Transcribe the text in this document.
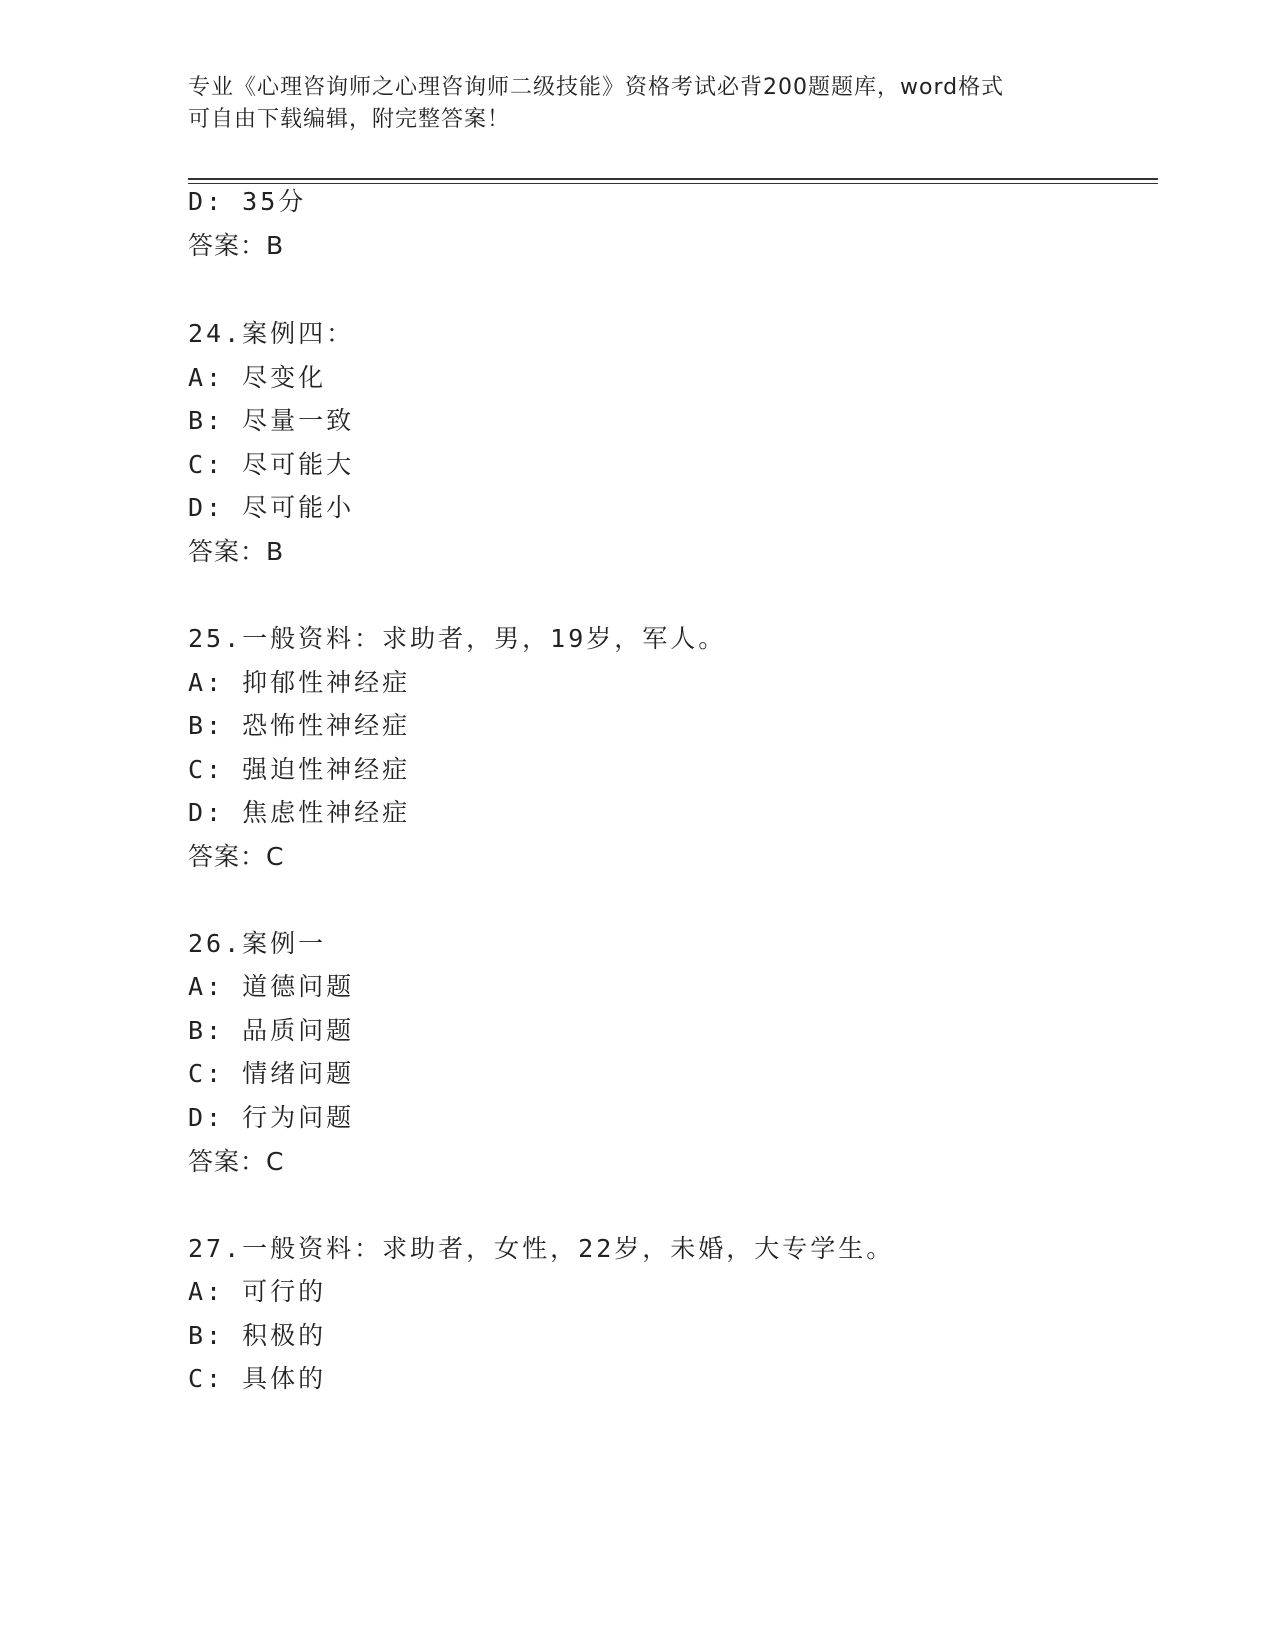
专业《心理咨询师之心理咨询师二级技能》资格考试必背200题题库，word格式
可自由下载编辑，附完整答案！
D: 35分
答案：B
24.案例四：
A: 尽变化
B: 尽量一致
C: 尽可能大
D: 尽可能小
答案：B
25.一般资料：求助者，男，19岁，军人。
A: 抑郁性神经症
B: 恐怖性神经症
C: 强迫性神经症
D: 焦虑性神经症
答案：C
26.案例一
A: 道德问题
B: 品质问题
C: 情绪问题
D: 行为问题
答案：C
27.一般资料：求助者，女性，22岁，未婚，大专学生。
A: 可行的
B: 积极的
C: 具体的
